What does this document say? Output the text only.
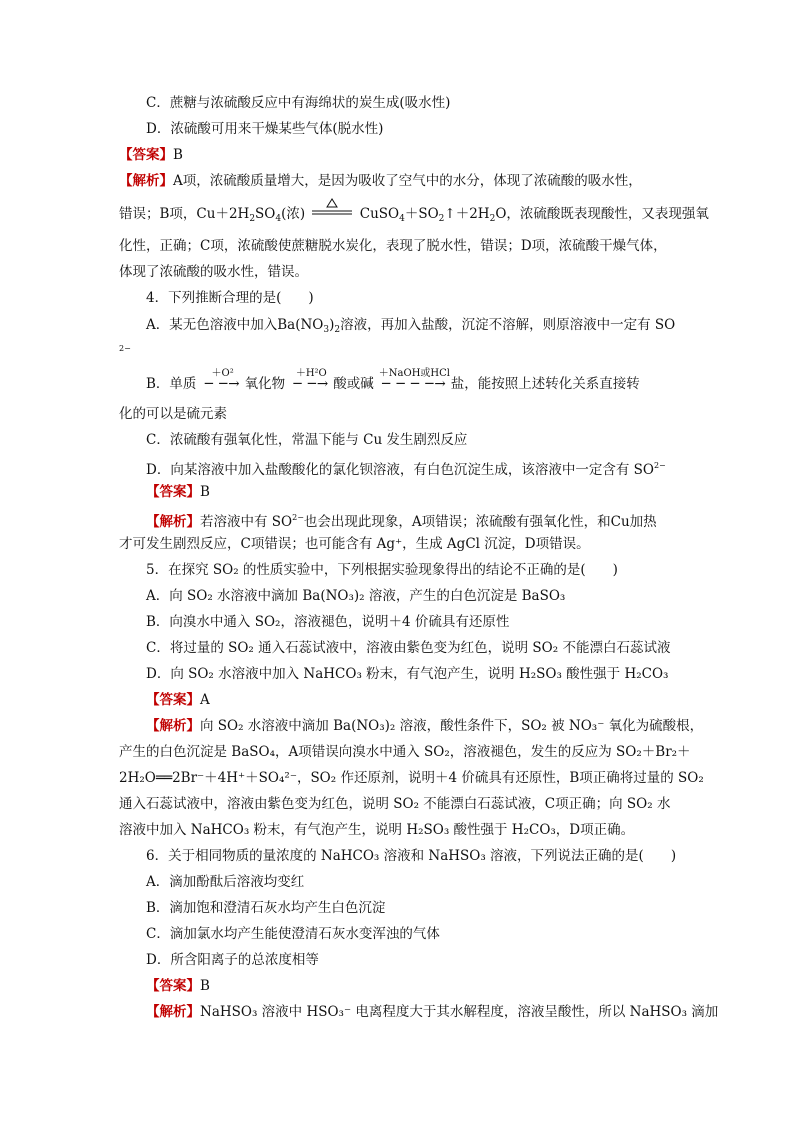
C．蔗糖与浓硫酸反应中有海绵状的炭生成(吸水性)
D．浓硫酸可用来干燥某些气体(脱水性)
【答案】B
【解析】A项，浓硫酸质量增大，是因为吸收了空气中的水分，体现了浓硫酸的吸水性，
错误；B项，$Cu+2H_2SO_4$(浓)	$CuSO_4+SO_2↑+2H_2O$，浓硫酸既表现酸性，又表现强氧
化性，正确；C项，浓硫酸使蔗糖脱水炭化，表现了脱水性，错误；D项，浓硫酸干燥气体，
体现了浓硫酸的吸水性，错误。
4．下列推断合理的是(　　)
A．某无色溶液中加入$Ba(NO_3)_2$溶液，再加入盐酸，沉淀不溶解，则原溶液中一定有 SO
2−
B．单质
＋O²
─ ─→ 氧化物
＋H²O
─ ─→ 酸或碱
＋NaOH或HCl
─ ─ ─ ─→ 盐，能按照上述转化关系直接转
化的可以是硫元素
C．浓硫酸有强氧化性，常温下能与 Cu 发生剧烈反应
D．向某溶液中加入盐酸酸化的氯化钡溶液，有白色沉淀生成，该溶液中一定含有 $SO^{2-}$
【答案】B
【解析】若溶液中有 $SO^{2-}$也会出现此现象，A项错误；浓硫酸有强氧化性，和Cu加热
才可发生剧烈反应，C项错误；也可能含有 Ag⁺，生成 AgCl 沉淀，D项错误。
5．在探究 SO₂ 的性质实验中，下列根据实验现象得出的结论不正确的是(　　)
A．向 SO₂ 水溶液中滴加 Ba(NO₃)₂ 溶液，产生的白色沉淀是 BaSO₃
B．向溴水中通入 SO₂，溶液褪色，说明＋4 价硫具有还原性
C．将过量的 SO₂ 通入石蕊试液中，溶液由紫色变为红色，说明 SO₂ 不能漂白石蕊试液
D．向 SO₂ 水溶液中加入 NaHCO₃ 粉末，有气泡产生，说明 H₂SO₃ 酸性强于 H₂CO₃
【答案】A
【解析】向 SO₂ 水溶液中滴加 Ba(NO₃)₂ 溶液，酸性条件下，SO₂ 被 NO₃⁻ 氧化为硫酸根，
产生的白色沉淀是 BaSO₄，A项错误向溴水中通入 SO₂，溶液褪色，发生的反应为 SO₂＋Br₂＋
2H₂O══2Br⁻＋4H⁺＋SO₄²⁻，SO₂ 作还原剂，说明＋4 价硫具有还原性，B项正确将过量的 SO₂
通入石蕊试液中，溶液由紫色变为红色，说明 SO₂ 不能漂白石蕊试液，C项正确；向 SO₂ 水
溶液中加入 NaHCO₃ 粉末，有气泡产生，说明 H₂SO₃ 酸性强于 H₂CO₃，D项正确。
6．关于相同物质的量浓度的 NaHCO₃ 溶液和 NaHSO₃ 溶液，下列说法正确的是(　　)
A．滴加酚酞后溶液均变红
B．滴加饱和澄清石灰水均产生白色沉淀
C．滴加氯水均产生能使澄清石灰水变浑浊的气体
D．所含阳离子的总浓度相等
【答案】B
【解析】NaHSO₃ 溶液中 HSO₃⁻ 电离程度大于其水解程度，溶液呈酸性，所以 NaHSO₃ 滴加
